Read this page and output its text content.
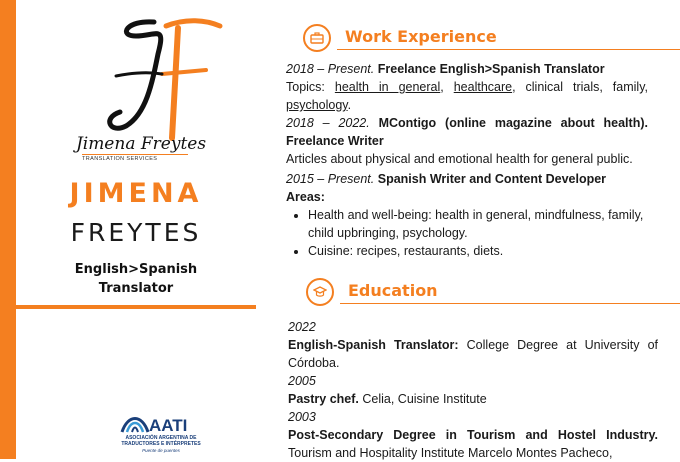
Jimena Freytes
TRANSLATION SERVICES
JIMENA
FREYTES
English>Spanish
Translator
AATI
ASOCIACIÓN ARGENTINA DE TRADUCTORES E INTÉRPRETES
Puente de puentes
Work Experience

2018 – Present. Freelance English>Spanish Translator

Topics: health in general, healthcare, clinical trials, family, psychology.

2018 – 2022. MContigo (online magazine about health). Freelance Writer

Articles about physical and emotional health for general public.

2015 – Present. Spanish Writer and Content Developer

Areas:

• Health and well-being: health in general, mindfulness, family, child upbringing, psychology.
• Cuisine: recipes, restaurants, diets.
Education

2022

English-Spanish Translator: College Degree at University of Córdoba.

2005

Pastry chef. Celia, Cuisine Institute

2003

Post-Secondary Degree in Tourism and Hostel Industry. Tourism and Hospitality Institute Marcelo Montes Pacheco,
